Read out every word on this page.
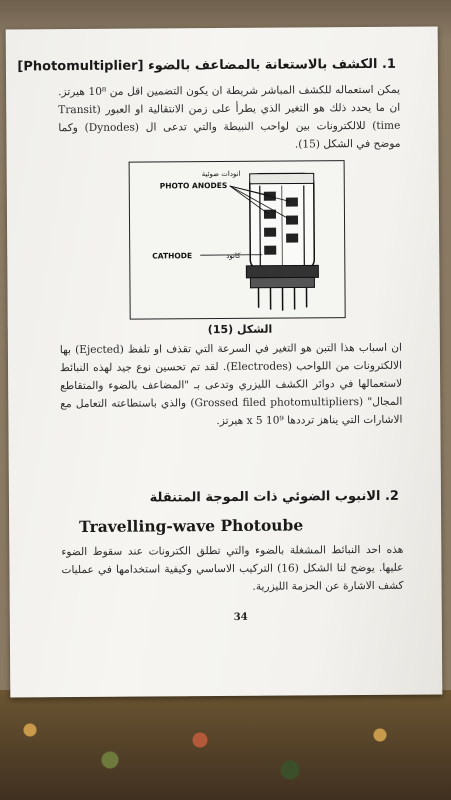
1. الكشف بالاستعانة بالمضاعف بالضوء [Photomultiplier]
يمكن استعماله للكشف المباشر شريطة ان يكون التضمين اقل من 10⁸ هيرتز. ان ما يحدد ذلك هو التغير الذي يطرأ على زمن الانتقالية او العبور (Transit time) للالكترونات بين لواحب النبيطة والتي تدعى ال (Dynodes) وكما موضح في الشكل (15).
انودات ضوئية
PHOTO ANODES
CATHODE	كاثود
الشكل (15)
ان اسباب هذا التبن هو التغير في السرعة التي تقذف او تلفظ (Ejected) بها الالكترونات من اللواحب (Electrodes). لقد تم تحسين نوع جيد لهذه النبائط لاستعمالها في دوائر الكشف الليزري وتدعى بـ "المضاعف بالضوء والمتقاطع المجال" (Grossed filed photomultipliers) والذي باستطاعته التعامل مع الاشارات التي يناهز ترددها 10⁹ x 5 هيرتز.
2. الانبوب الضوئي ذات الموجة المتنقلة
Travelling-wave Photoube
هذه احد النبائط المشغلة بالضوء والتي تطلق الكترونات عند سقوط الضوء عليها. يوضح لنا الشكل (16) التركيب الاساسي وكيفية استخدامها في عمليات كشف الاشارة عن الحزمة الليزرية.
34
